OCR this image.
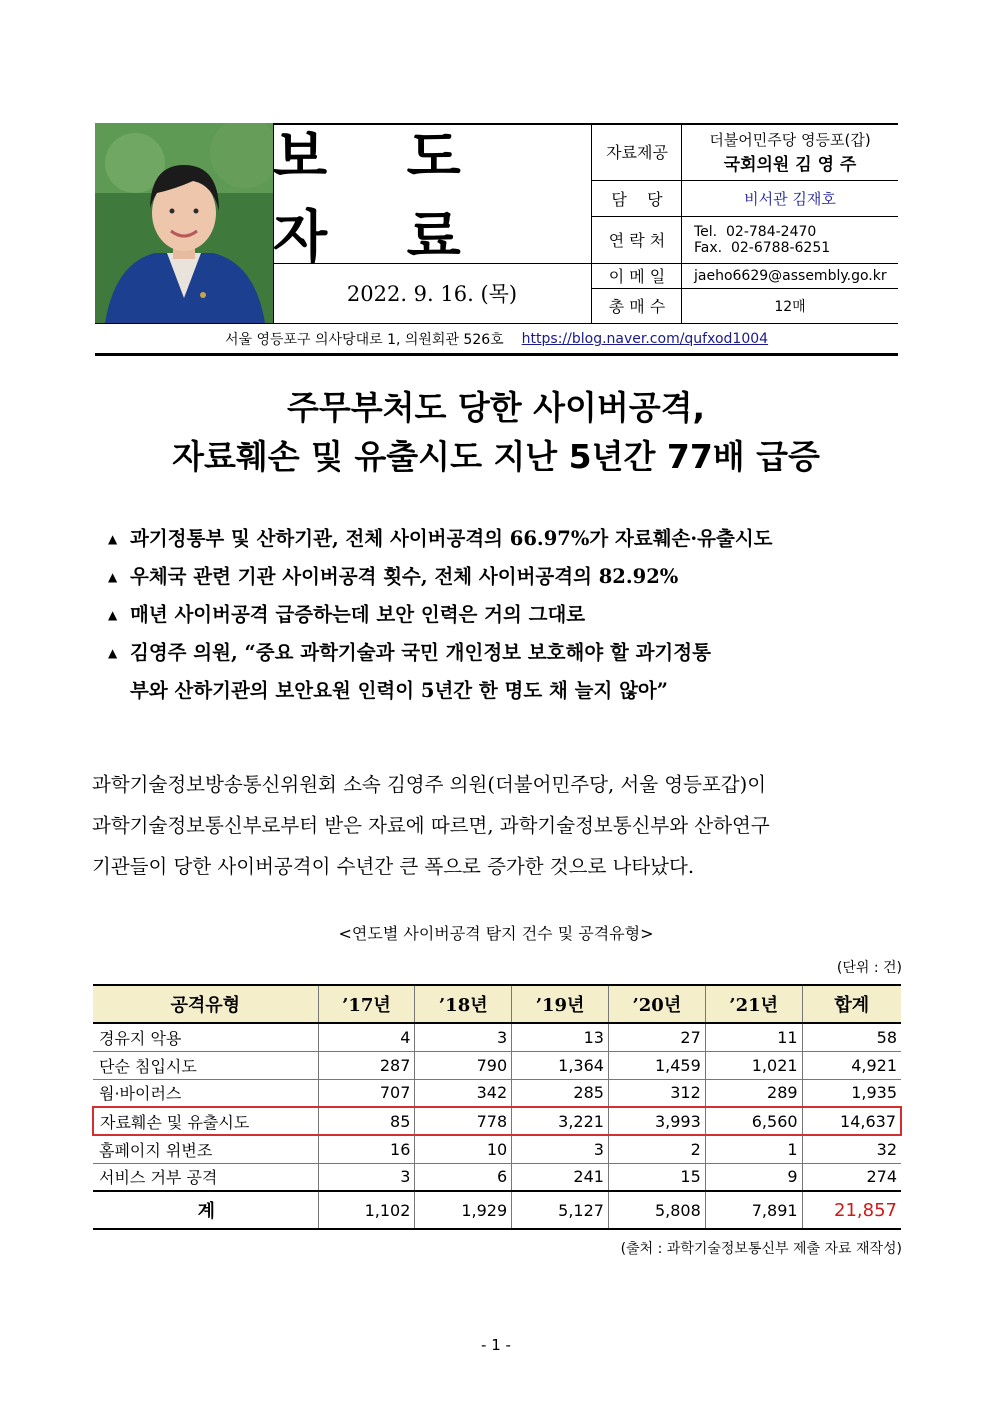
보 도 자 료
2022. 9. 16. (목)
자료제공
더불어민주당 영등포(갑)
국회의원 김 영 주
담    당	비서관 김재호
연 락 처	Tel.  02-784-2470
Fax.  02-6788-6251
이 메 일	jaeho6629@assembly.go.kr
총 매 수	12매
서울 영등포구 의사당대로 1, 의원회관 526호 https://blog.naver.com/qufxod1004
주무부처도 당한 사이버공격,
자료훼손 및 유출시도 지난 5년간 77배 급증
▲ 과기정통부 및 산하기관, 전체 사이버공격의 66.97%가 자료훼손·유출시도
▲ 우체국 관련 기관 사이버공격 횟수, 전체 사이버공격의 82.92%
▲ 매년 사이버공격 급증하는데 보안 인력은 거의 그대로
▲ 김영주 의원, “중요 과학기술과 국민 개인정보 보호해야 할 과기정통
부와 산하기관의 보안요원 인력이 5년간 한 명도 채 늘지 않아”
과학기술정보방송통신위원회 소속 김영주 의원(더불어민주당, 서울 영등포갑)이
과학기술정보통신부로부터 받은 자료에 따르면, 과학기술정보통신부와 산하연구
기관들이 당한 사이버공격이 수년간 큰 폭으로 증가한 것으로 나타났다.
<연도별 사이버공격 탐지 건수 및 공격유형>
(단위 : 건)
공격유형	’17년	’18년	’19년	’20년	’21년	합계
경유지 악용	4	3	13	27	11	58
단순 침입시도	287	790	1,364	1,459	1,021	4,921
웜·바이러스	707	342	285	312	289	1,935
자료훼손 및 유출시도	85	778	3,221	3,993	6,560	14,637
홈페이지 위변조	16	10	3	2	1	32
서비스 거부 공격	3	6	241	15	9	274
계	1,102	1,929	5,127	5,808	7,891	21,857
(출처 : 과학기술정보통신부 제출 자료 재작성)
- 1 -
